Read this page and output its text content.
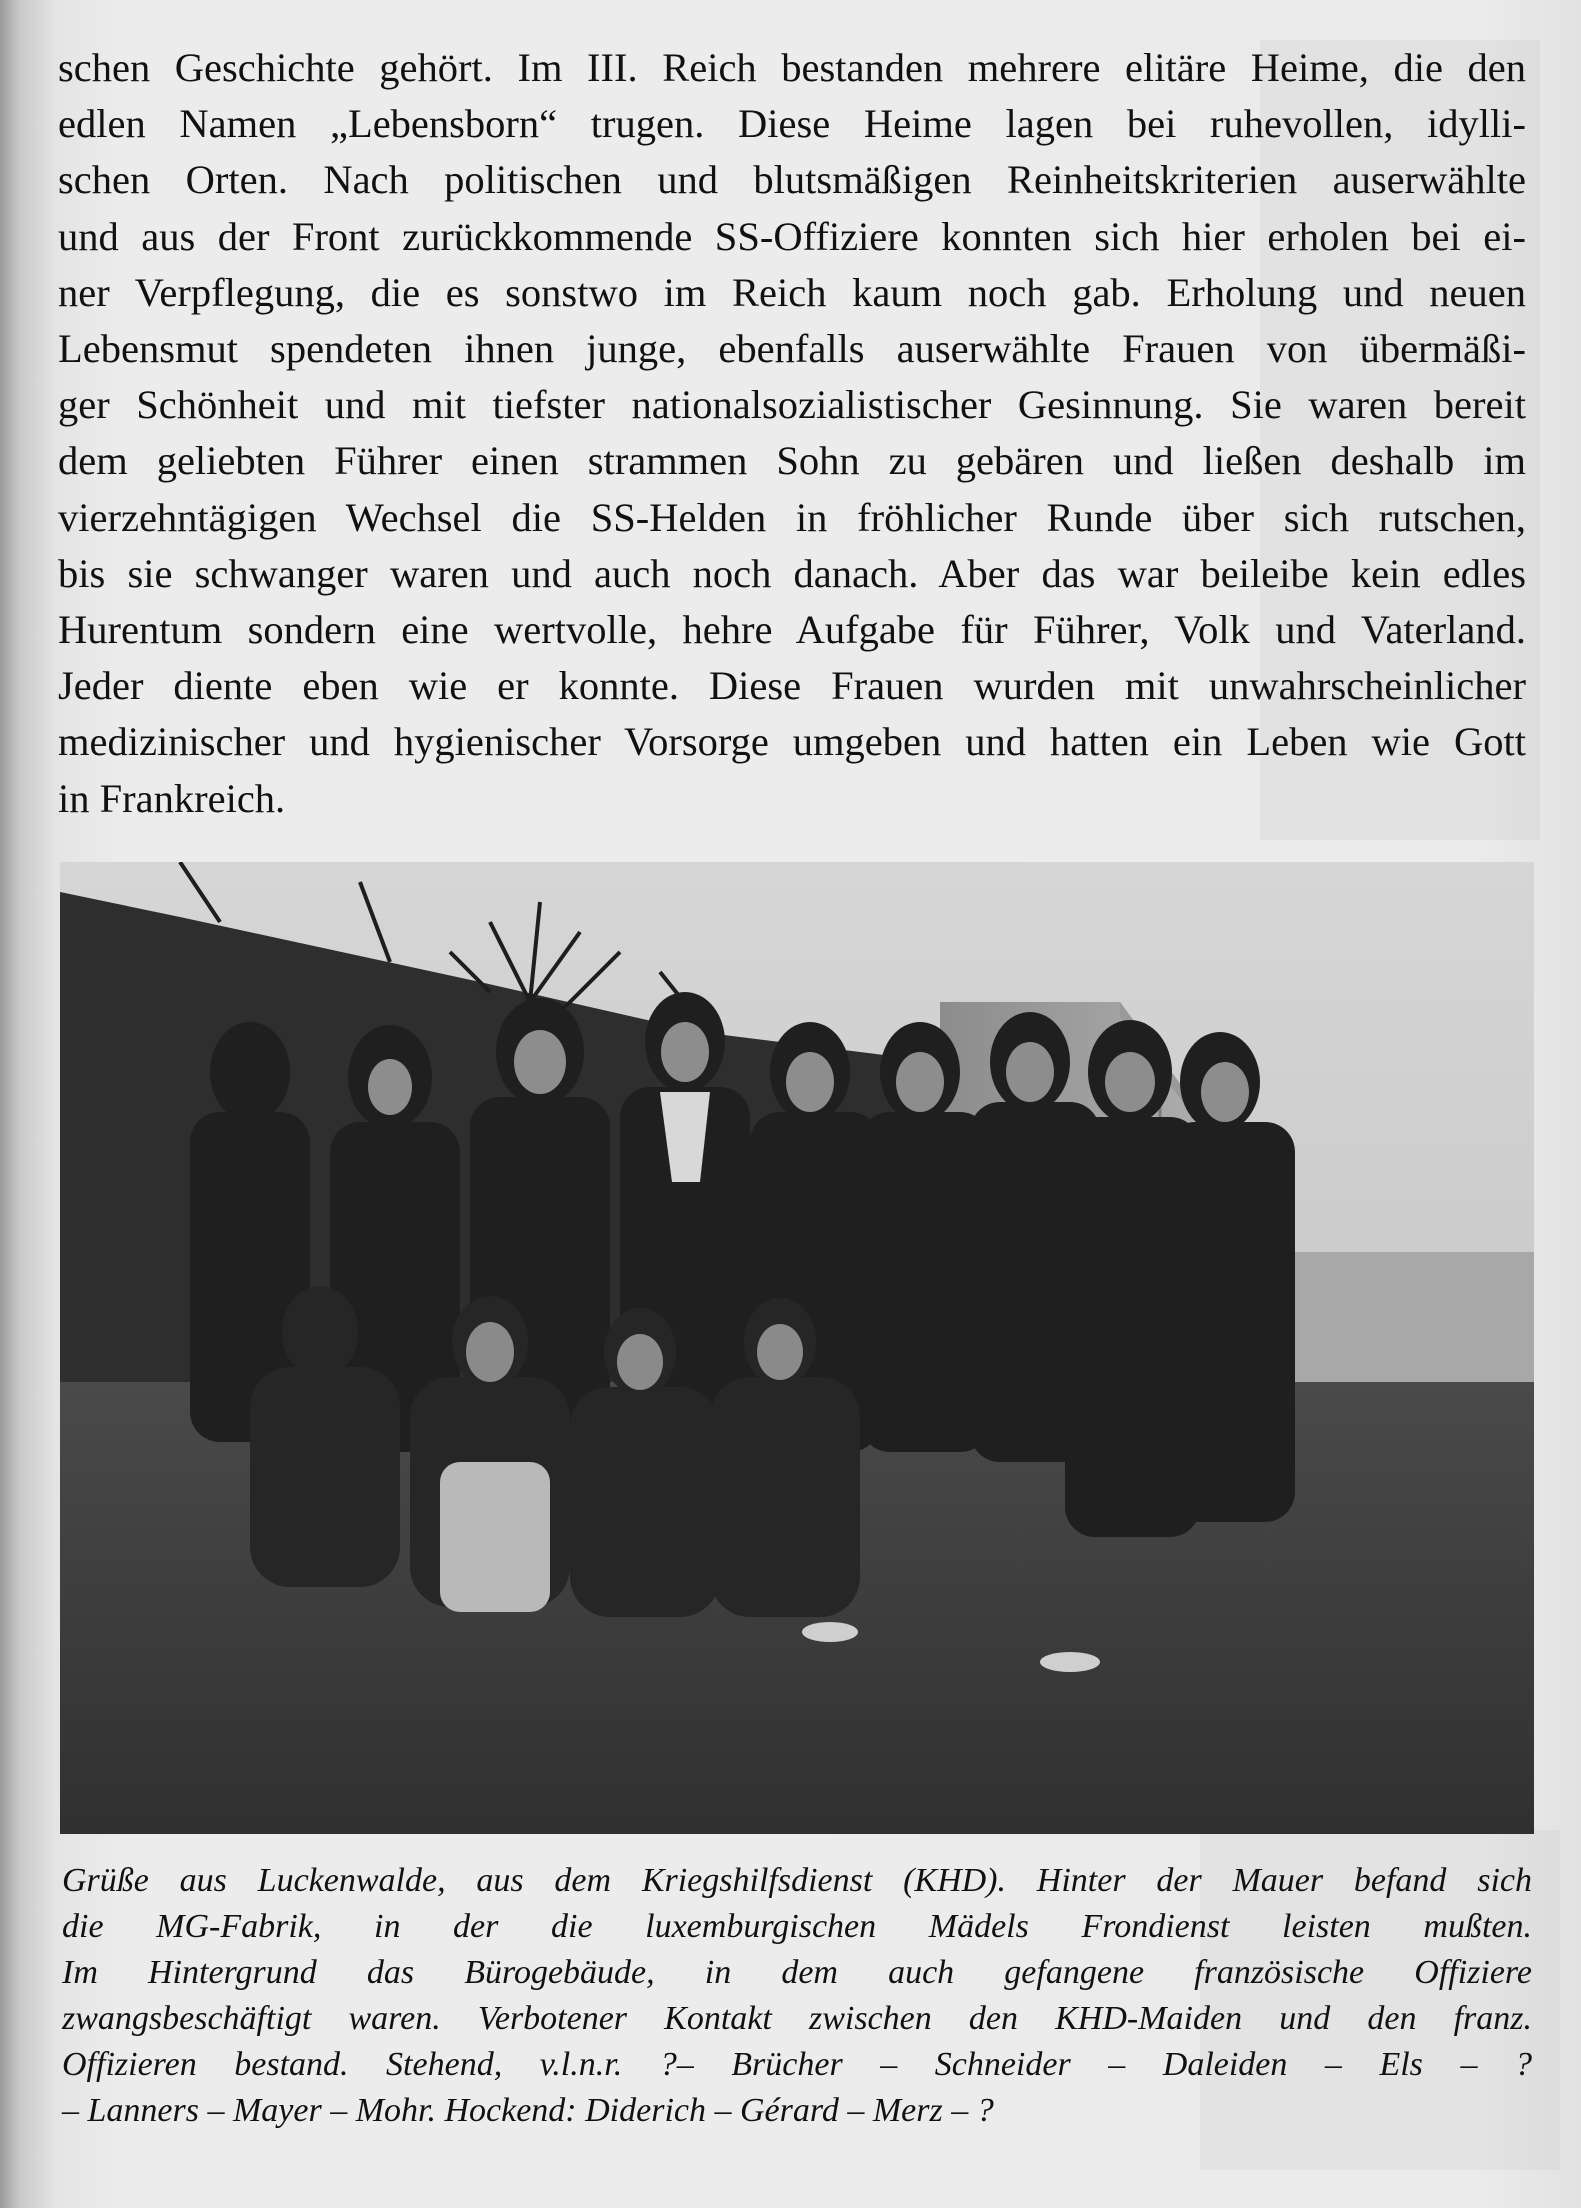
schen Geschichte gehört. Im III. Reich bestanden mehrere elitäre Heime, die den
edlen Namen „Lebensborn“ trugen. Diese Heime lagen bei ruhevollen, idylli-
schen Orten. Nach politischen und blutsmäßigen Reinheitskriterien auserwählte
und aus der Front zurückkommende SS-Offiziere konnten sich hier erholen bei ei-
ner Verpflegung, die es sonstwo im Reich kaum noch gab. Erholung und neuen
Lebensmut spendeten ihnen junge, ebenfalls auserwählte Frauen von übermäßi-
ger Schönheit und mit tiefster nationalsozialistischer Gesinnung. Sie waren bereit
dem geliebten Führer einen strammen Sohn zu gebären und ließen deshalb im
vierzehntägigen Wechsel die SS-Helden in fröhlicher Runde über sich rutschen,
bis sie schwanger waren und auch noch danach. Aber das war beileibe kein edles
Hurentum sondern eine wertvolle, hehre Aufgabe für Führer, Volk und Vaterland.
Jeder diente eben wie er konnte. Diese Frauen wurden mit unwahrscheinlicher
medizinischer und hygienischer Vorsorge umgeben und hatten ein Leben wie Gott
in Frankreich.
Grüße aus Luckenwalde, aus dem Kriegshilfsdienst (KHD). Hinter der Mauer befand sich
die MG-Fabrik, in der die luxemburgischen Mädels Frondienst leisten mußten.
Im Hintergrund das Bürogebäude, in dem auch gefangene französische Offiziere
zwangsbeschäftigt waren. Verbotener Kontakt zwischen den KHD-Maiden und den franz.
Offizieren bestand. Stehend, v.l.n.r. ?– Brücher – Schneider – Daleiden – Els – ?
– Lanners – Mayer – Mohr. Hockend: Diderich – Gérard – Merz – ?
